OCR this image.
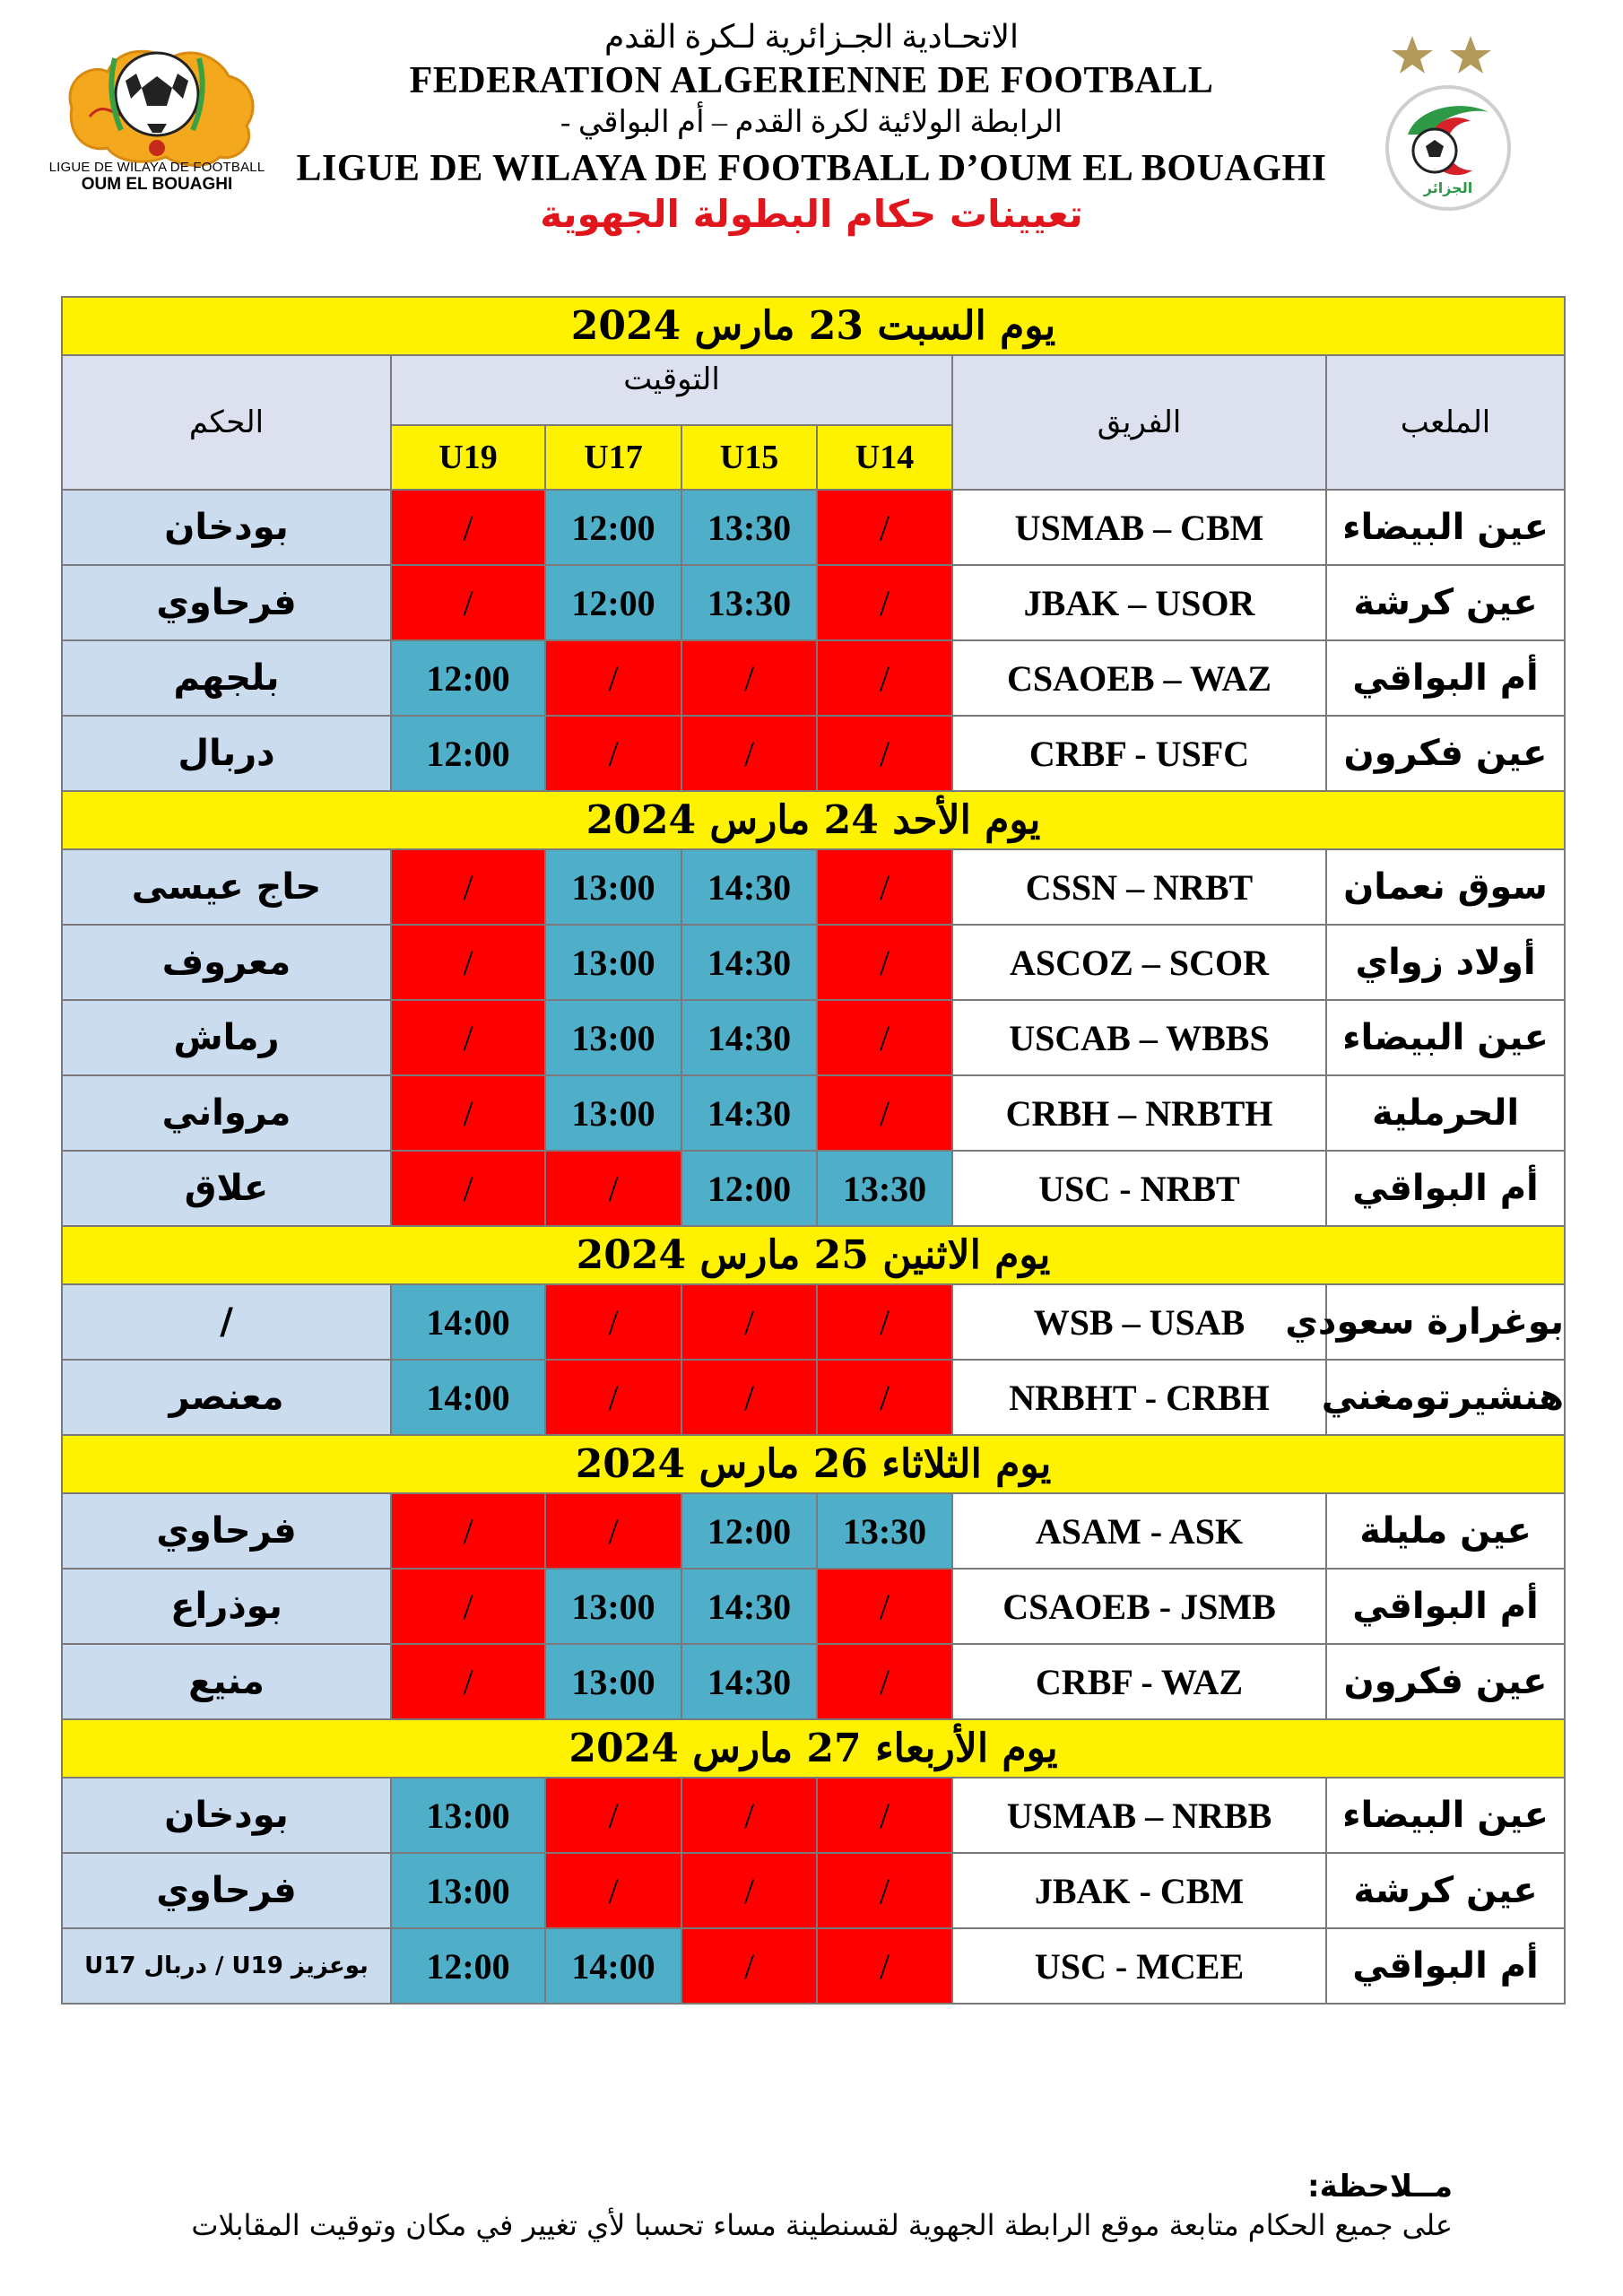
LIGUE DE WILAYA DE FOOTBALL
OUM EL BOUAGHI
الاتحـادية الجـزائرية لـكرة القدم
FEDERATION ALGERIENNE DE FOOTBALL
الرابطة الولائية لكرة القدم – أم البواقي -
LIGUE DE WILAYA DE FOOTBALL D’OUM EL BOUAGHI
تعيينات حكام البطولة الجهوية
الجزائر
يوم السبت 23 مارس 2024						
الحكم	التوقيت				الفريق	الملعب
	U19	U17	U15	U14		
بودخان	/	12:00	13:30	/	USMAB – CBM	عين البيضاء
فرحاوي	/	12:00	13:30	/	JBAK – USOR	عين كرشة
بلجهم	12:00	/	/	/	CSAOEB – WAZ	أم البواقي
دربال	12:00	/	/	/	CRBF - USFC	عين فكرون
يوم الأحد 24 مارس 2024						
حاج عيسى	/	13:00	14:30	/	CSSN – NRBT	سوق نعمان
معروف	/	13:00	14:30	/	ASCOZ – SCOR	أولاد زواي
رماش	/	13:00	14:30	/	USCAB – WBBS	عين البيضاء
مرواني	/	13:00	14:30	/	CRBH – NRBTH	الحرملية
علاق	/	/	12:00	13:30	USC - NRBT	أم البواقي
يوم الاثنين 25 مارس 2024						
/	14:00	/	/	/	WSB – USAB	بوغرارة سعودي
معنصر	14:00	/	/	/	NRBHT - CRBH	هنشيرتومغني
يوم الثلاثاء 26 مارس 2024						
فرحاوي	/	/	12:00	13:30	ASAM - ASK	عين مليلة
بوذراع	/	13:00	14:30	/	CSAOEB - JSMB	أم البواقي
منيع	/	13:00	14:30	/	CRBF - WAZ	عين فكرون
يوم الأربعاء 27 مارس 2024						
بودخان	13:00	/	/	/	USMAB – NRBB	عين البيضاء
فرحاوي	13:00	/	/	/	JBAK - CBM	عين كرشة
بوعزيز U19 / دربال U17	12:00	14:00	/	/	USC - MCEE	أم البواقي
مــلاحظة:
على جميع الحكام متابعة موقع الرابطة الجهوية لقسنطينة مساء تحسبا لأي تغيير في مكان وتوقيت المقابلات
